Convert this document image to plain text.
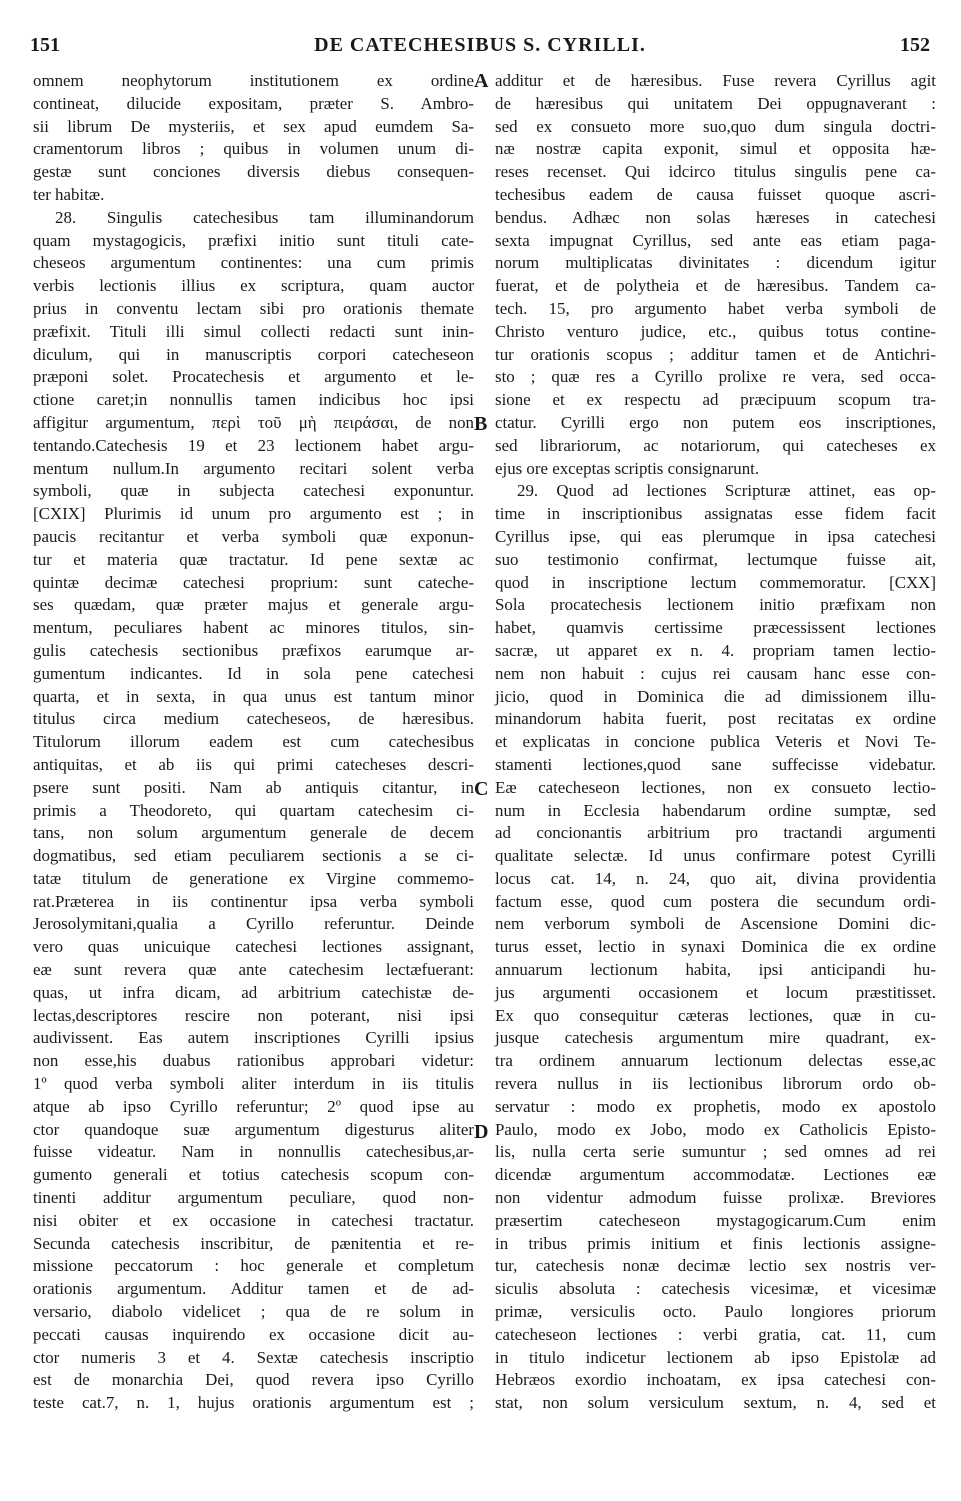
151	DE CATECHESIBUS S. CYRILLI.	152
omnem neophytorum institutionem ex ordine
contineat, dilucide expositam, præter S. Ambro-
sii librum De mysteriis, et sex apud eumdem Sa-
cramentorum libros ; quibus in volumen unum di-
gestæ sunt conciones diversis diebus consequen-
ter habitæ.
28. Singulis catechesibus tam illuminandorum
quam mystagogicis, præfixi initio sunt tituli cate-
cheseos argumentum continentes: una cum primis
verbis lectionis illius ex scriptura, quam auctor
prius in conventu lectam sibi pro orationis themate
præfixit. Tituli illi simul collecti redacti sunt inin-
diculum, qui in manuscriptis corpori catecheseon
præponi solet. Procatechesis et argumento et le-
ctione caret;in nonnullis tamen indicibus hoc ipsi
affigitur argumentum, περὶ τοῦ μὴ πειράσαι, de non
tentando.Catechesis 19 et 23 lectionem habet argu-
mentum nullum.In argumento recitari solent verba
symboli, quæ in subjecta catechesi exponuntur.
[CXIX] Plurimis id unum pro argumento est ; in
paucis recitantur et verba symboli quæ exponun-
tur et materia quæ tractatur. Id pene sextæ ac
quintæ decimæ catechesi proprium: sunt cateche-
ses quædam, quæ præter majus et generale argu-
mentum, peculiares habent ac minores titulos, sin-
gulis catechesis sectionibus præfixos earumque ar-
gumentum indicantes. Id in sola pene catechesi
quarta, et in sexta, in qua unus est tantum minor
titulus circa medium catecheseos, de hæresibus.
Titulorum illorum eadem est cum catechesibus
antiquitas, et ab iis qui primi catecheses descri-
psere sunt positi. Nam ab antiquis citantur, in
primis a Theodoreto, qui quartam catechesim ci-
tans, non solum argumentum generale de decem
dogmatibus, sed etiam peculiarem sectionis a se ci-
tatæ titulum de generatione ex Virgine commemo-
rat.Præterea in iis continentur ipsa verba symboli
Jerosolymitani,qualia a Cyrillo referuntur. Deinde
vero quas unicuique catechesi lectiones assignant,
eæ sunt revera quæ ante catechesim lectæfuerant:
quas, ut infra dicam, ad arbitrium catechistæ de-
lectas,descriptores rescire non poterant, nisi ipsi
audivissent. Eas autem inscriptiones Cyrilli ipsius
non esse,his duabus rationibus approbari videtur:
1º quod verba symboli aliter interdum in iis titulis
atque ab ipso Cyrillo referuntur; 2º quod ipse au
ctor quandoque suæ argumentum digesturus aliter
fuisse videatur. Nam in nonnullis catechesibus,ar-
gumento generali et totius catechesis scopum con-
tinenti additur argumentum peculiare, quod non-
nisi obiter et ex occasione in catechesi tractatur.
Secunda catechesis inscribitur, de pænitentia et re-
missione peccatorum : hoc generale et completum
orationis argumentum. Additur tamen et de ad-
versario, diabolo videlicet ; qua de re solum in
peccati causas inquirendo ex occasione dicit au-
ctor numeris 3 et 4. Sextæ catechesis inscriptio
est de monarchia Dei, quod revera ipso Cyrillo
teste cat.7, n. 1, hujus orationis argumentum est ;
additur et de hæresibus. Fuse revera Cyrillus agit
de hæresibus qui unitatem Dei oppugnaverant :
sed ex consueto more suo,quo dum singula doctri-
næ nostræ capita exponit, simul et opposita hæ-
reses recenset. Qui idcirco titulus singulis pene ca-
techesibus eadem de causa fuisset quoque ascri-
bendus. Adhæc non solas hæreses in catechesi
sexta impugnat Cyrillus, sed ante eas etiam paga-
norum multiplicatas divinitates : dicendum igitur
fuerat, et de polytheia et de hæresibus. Tandem ca-
tech. 15, pro argumento habet verba symboli de
Christo venturo judice, etc., quibus totus contine-
tur orationis scopus ; additur tamen et de Antichri-
sto ; quæ res a Cyrillo prolixe re vera, sed occa-
sione et ex respectu ad præcipuum scopum tra-
ctatur. Cyrilli ergo non putem eos inscriptiones,
sed librariorum, ac notariorum, qui catecheses ex
ejus ore exceptas scriptis consignarunt.
29. Quod ad lectiones Scripturæ attinet, eas op-
time in inscriptionibus assignatas esse fidem facit
Cyrillus ipse, qui eas plerumque in ipsa catechesi
suo testimonio confirmat, lectumque fuisse ait,
quod in inscriptione lectum commemoratur. [CXX]
Sola procatechesis lectionem initio præfixam non
habet, quamvis certissime præcessissent lectiones
sacræ, ut apparet ex n. 4. propriam tamen lectio-
nem non habuit : cujus rei causam hanc esse con-
jicio, quod in Dominica die ad dimissionem illu-
minandorum habita fuerit, post recitatas ex ordine
et explicatas in concione publica Veteris et Novi Te-
stamenti lectiones,quod sane suffecisse videbatur.
Eæ catecheseon lectiones, non ex consueto lectio-
num in Ecclesia habendarum ordine sumptæ, sed
ad concionantis arbitrium pro tractandi argumenti
qualitate selectæ. Id unus confirmare potest Cyrilli
locus cat. 14, n. 24, quo ait, divina providentia
factum esse, quod cum postera die secundum ordi-
nem verborum symboli de Ascensione Domini dic-
turus esset, lectio in synaxi Dominica die ex ordine
annuarum lectionum habita, ipsi anticipandi hu-
jus argumenti occasionem et locum præstitisset.
Ex quo consequitur cæteras lectiones, quæ in cu-
jusque catechesis argumentum mire quadrant, ex-
tra ordinem annuarum lectionum delectas esse,ac
revera nullus in iis lectionibus librorum ordo ob-
servatur : modo ex prophetis, modo ex apostolo
Paulo, modo ex Jobo, modo ex Catholicis Episto-
lis, nulla certa serie sumuntur ; sed omnes ad rei
dicendæ argumentum accommodatæ. Lectiones eæ
non videntur admodum fuisse prolixæ. Breviores
præsertim catecheseon mystagogicarum.Cum enim
in tribus primis initium et finis lectionis assigne-
tur, catechesis nonæ decimæ lectio sex nostris ver-
siculis absoluta : catechesis vicesimæ, et vicesimæ
primæ, versiculis octo. Paulo longiores priorum
catecheseon lectiones : verbi gratia, cat. 11, cum
in titulo indicetur lectionem ab ipso Epistolæ ad
Hebræos exordio inchoatam, ex ipsa catechesi con-
stat, non solum versiculum sextum, n. 4, sed et
A
B
C
D
